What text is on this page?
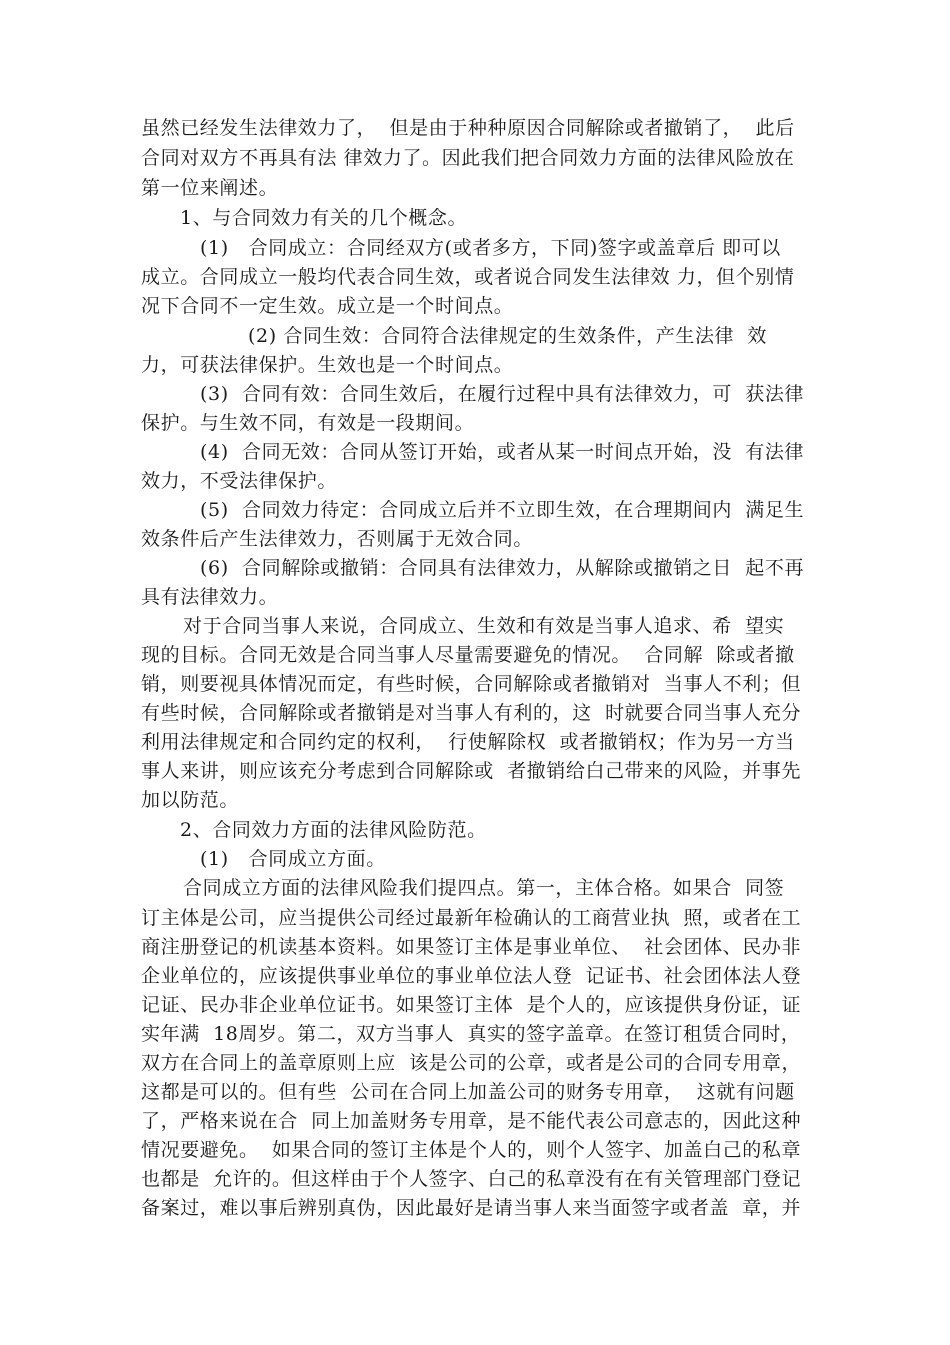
虽然已经发生法律效力了，  但是由于种种原因合同解除或者撤销了，  此后
合同对双方不再具有法 律效力了。因此我们把合同效力方面的法律风险放在
第一位来阐述。
1、与合同效力有关的几个概念。
(1)   合同成立：合同经双方(或者多方，下同)签字或盖章后 即可以
成立。合同成立一般均代表合同生效，或者说合同发生法律效 力，但个别情
况下合同不一定生效。成立是一个时间点。
(2) 合同生效：合同符合法律规定的生效条件，产生法律  效
力，可获法律保护。生效也是一个时间点。
(3)  合同有效：合同生效后，在履行过程中具有法律效力，可  获法律
保护。与生效不同，有效是一段期间。
(4)  合同无效：合同从签订开始，或者从某一时间点开始，没  有法律
效力，不受法律保护。
(5)  合同效力待定：合同成立后并不立即生效，在合理期间内  满足生
效条件后产生法律效力，否则属于无效合同。
(6)  合同解除或撤销：合同具有法律效力，从解除或撤销之日  起不再
具有法律效力。
对于合同当事人来说，合同成立、生效和有效是当事人追求、希  望实
现的目标。合同无效是合同当事人尽量需要避免的情况。  合同解  除或者撤
销，则要视具体情况而定，有些时候，合同解除或者撤销对  当事人不利；但
有些时候，合同解除或者撤销是对当事人有利的，这  时就要合同当事人充分
利用法律规定和合同约定的权利，  行使解除权  或者撤销权；作为另一方当
事人来讲，则应该充分考虑到合同解除或  者撤销给白己带来的风险，并事先
加以防范。
2、合同效力方面的法律风险防范。
(1)   合同成立方面。
合同成立方面的法律风险我们提四点。第一，主体合格。如果合  同签
订主体是公司，应当提供公司经过最新年检确认的工商营业执  照，或者在工
商注册登记的机读基本资料。如果签订主体是事业单位、  社会团体、民办非
企业单位的，应该提供事业单位的事业单位法人登  记证书、社会团体法人登
记证、民办非企业单位证书。如果签订主体  是个人的，应该提供身份证，证
实年满  18周岁。第二，双方当事人  真实的签字盖章。在签订租赁合同时，
双方在合同上的盖章原则上应  该是公司的公章，或者是公司的合同专用章，
这都是可以的。但有些  公司在合同上加盖公司的财务专用章，  这就有问题
了，严格来说在合  同上加盖财务专用章，是不能代表公司意志的，因此这种
情况要避免。  如果合同的签订主体是个人的，则个人签字、加盖白己的私章
也都是  允许的。但这样由于个人签字、白己的私章没有在有关管理部门登记
备案过，难以事后辨别真伪，因此最好是请当事人来当面签字或者盖  章，并
